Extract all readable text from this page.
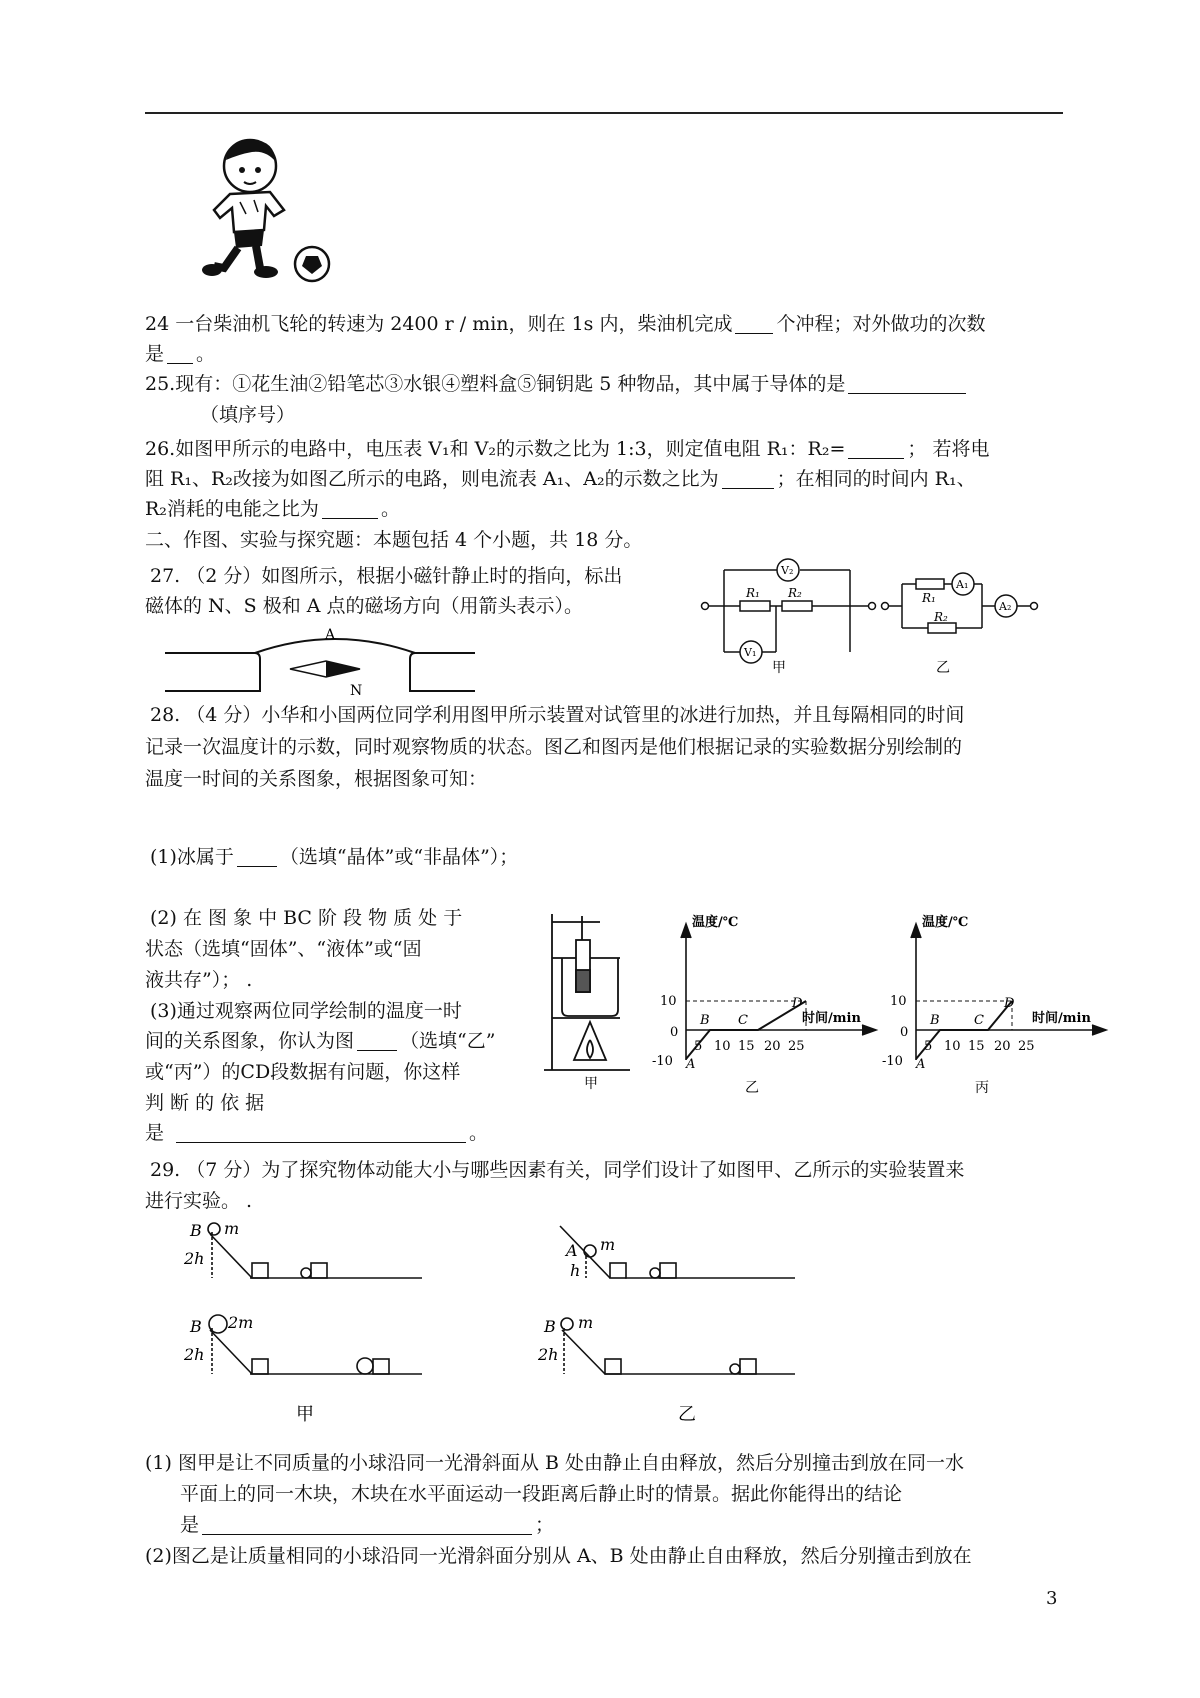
24 一台柴油机飞轮的转速为 2400 r / min，则在 1s 内，柴油机完成 个冲程；对外做功的次数
是 。
25.现有：①花生油②铅笔芯③水银④塑料盒⑤铜钥匙 5 种物品，其中属于导体的是
（填序号）
26.如图甲所示的电路中，电压表 V₁和 V₂的示数之比为 1:3，则定值电阻 R₁：R₂=	； 若将电
阻 R₁、R₂改接为如图乙所示的电路，则电流表 A₁、A₂的示数之比为	；在相同的时间内 R₁、
R₂消耗的电能之比为	。
二、作图、实验与探究题：本题包括 4 个小题，共 18 分。
27. （2 分）如图所示，根据小磁针静止时的指向，标出
磁体的 N、S 极和 A 点的磁场方向（用箭头表示）。
A
N
V₂
V₁
R₁ R₂	R₁
R₂
A₁
A₂
甲	乙
28. （4 分）小华和小国两位同学利用图甲所示装置对试管里的冰进行加热，并且每隔相同的时间
记录一次温度计的示数，同时观察物质的状态。图乙和图丙是他们根据记录的实验数据分别绘制的
温度一时间的关系图象，根据图象可知：
(1)冰属于 （选填“晶体”或“非晶体”）；
(2) 在 图 象 中 BC 阶 段 物 质 处 于
状态（选填“固体”、“液体”或“固
液共存”）； .
(3)通过观察两位同学绘制的温度一时
间的关系图象，你认为图 （选填“乙”
或“丙”）的CD段数据有问题，你这样
判 断 的 依 据
是	。
甲
温度/℃
时间/min
10
0
-10
5 10 15 20 25
A
B C
D
乙
温度/℃
时间/min
10
0
-10
5 10 15 20 25
A
B	C
D
丙
29. （7 分）为了探究物体动能大小与哪些因素有关，同学们设计了如图甲、乙所示的实验装置来
进行实验。 .
B m
2h
B 2m
2h
A m
h
B m
2h
甲	乙
(1) 图甲是让不同质量的小球沿同一光滑斜面从 B 处由静止自由释放，然后分别撞击到放在同一水
平面上的同一木块，木块在水平面运动一段距离后静止时的情景。据此你能得出的结论
是	；
(2)图乙是让质量相同的小球沿同一光滑斜面分别从 A、B 处由静止自由释放，然后分别撞击到放在
3
